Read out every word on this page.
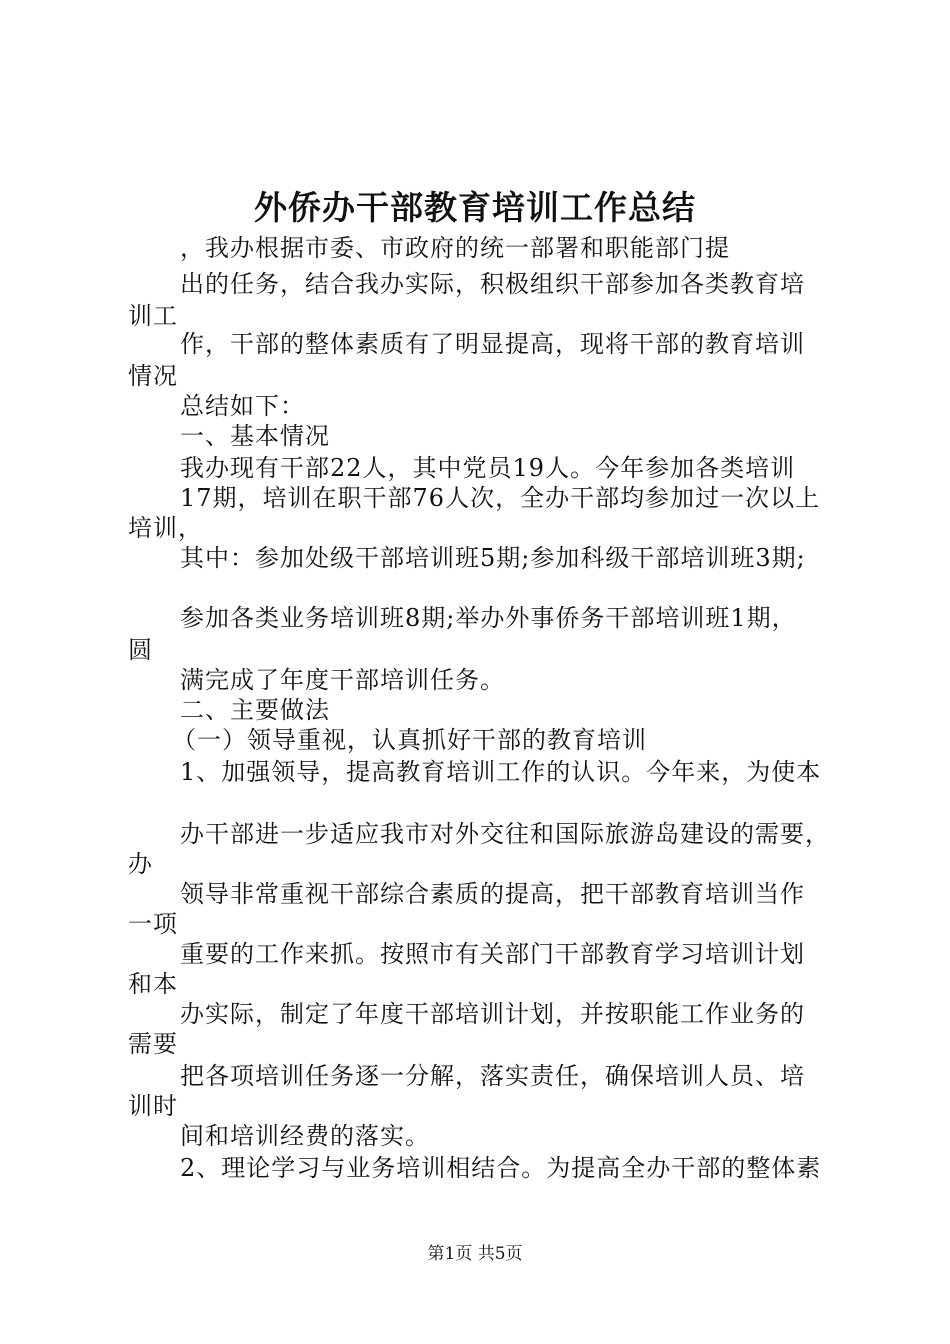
外侨办干部教育培训工作总结

，我办根据市委、市政府的统一部署和职能部门提

出的任务，结合我办实际，积极组织干部参加各类教育培

训工

作，干部的整体素质有了明显提高，现将干部的教育培训

情况

总结如下：

一、基本情况

我办现有干部22人，其中党员19人。今年参加各类培训

17期，培训在职干部76人次，全办干部均参加过一次以上

培训，

其中：参加处级干部培训班5期;参加科级干部培训班3期;

参加各类业务培训班8期;举办外事侨务干部培训班1期，

圆

满完成了年度干部培训任务。

二、主要做法

（一）领导重视，认真抓好干部的教育培训

1、加强领导，提高教育培训工作的认识。今年来，为使本

办干部进一步适应我市对外交往和国际旅游岛建设的需要，

办

领导非常重视干部综合素质的提高，把干部教育培训当作

一项

重要的工作来抓。按照市有关部门干部教育学习培训计划

和本

办实际，制定了年度干部培训计划，并按职能工作业务的

需要

把各项培训任务逐一分解，落实责任，确保培训人员、培

训时

间和培训经费的落实。

2、理论学习与业务培训相结合。为提高全办干部的整体素

第1页 共5页
